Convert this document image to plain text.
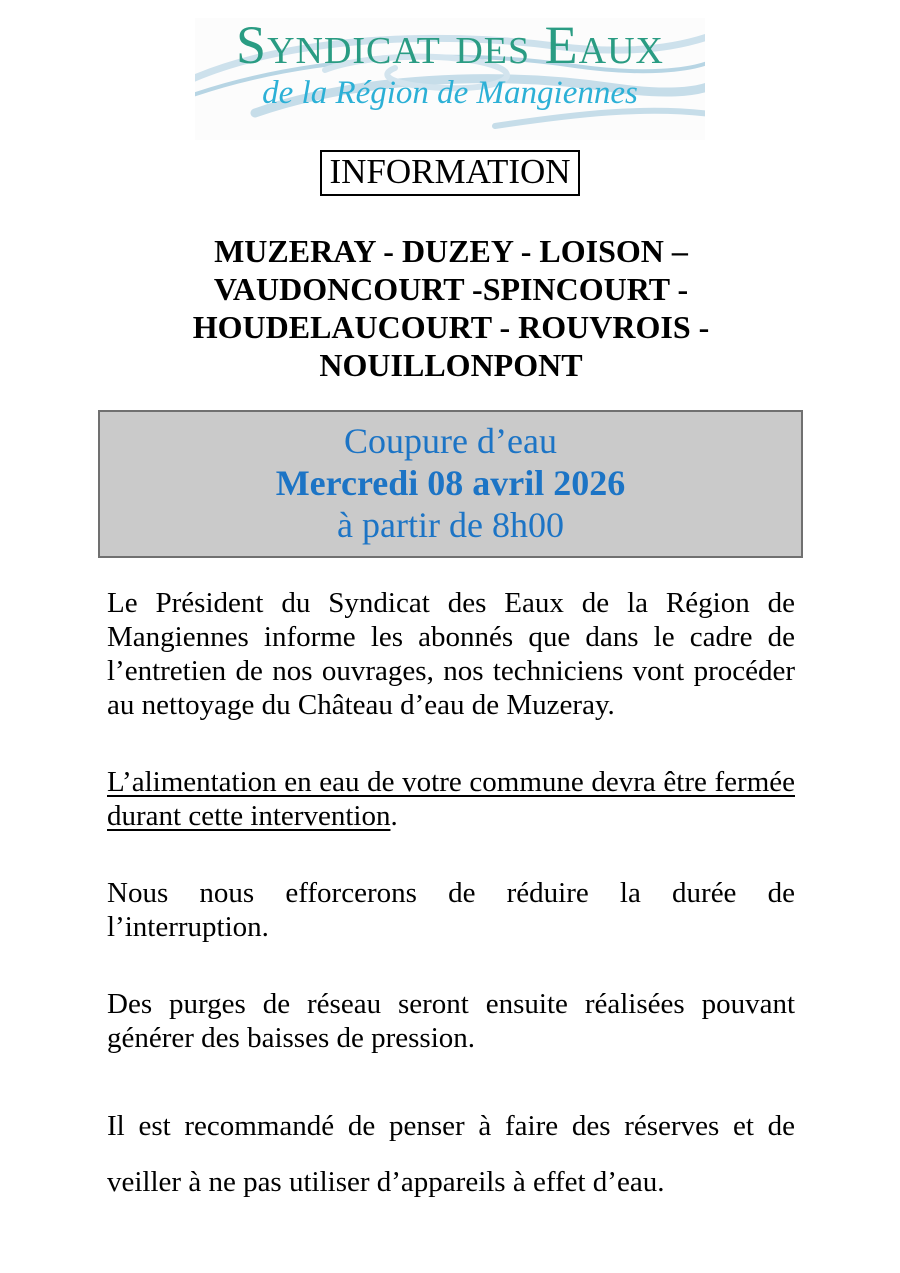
Syndicat des Eaux
de la Région de Mangiennes
INFORMATION
MUZERAY - DUZEY - LOISON –
VAUDONCOURT -SPINCOURT -
HOUDELAUCOURT - ROUVROIS -
NOUILLONPONT
Coupure d’eau
Mercredi 08 avril 2026
à partir de 8h00

Le Président du Syndicat des Eaux de la Région de Mangiennes informe les abonnés que dans le cadre de l’entretien de nos ouvrages, nos techniciens vont procéder au nettoyage du Château d’eau de Muzeray.

L’alimentation en eau de votre commune devra être fermée durant cette intervention.

Nous nous efforcerons de réduire la durée de l’interruption.

Des purges de réseau seront ensuite réalisées pouvant générer des baisses de pression.

Il est recommandé de penser à faire des réserves et de veiller à ne pas utiliser d’appareils à effet d’eau.
